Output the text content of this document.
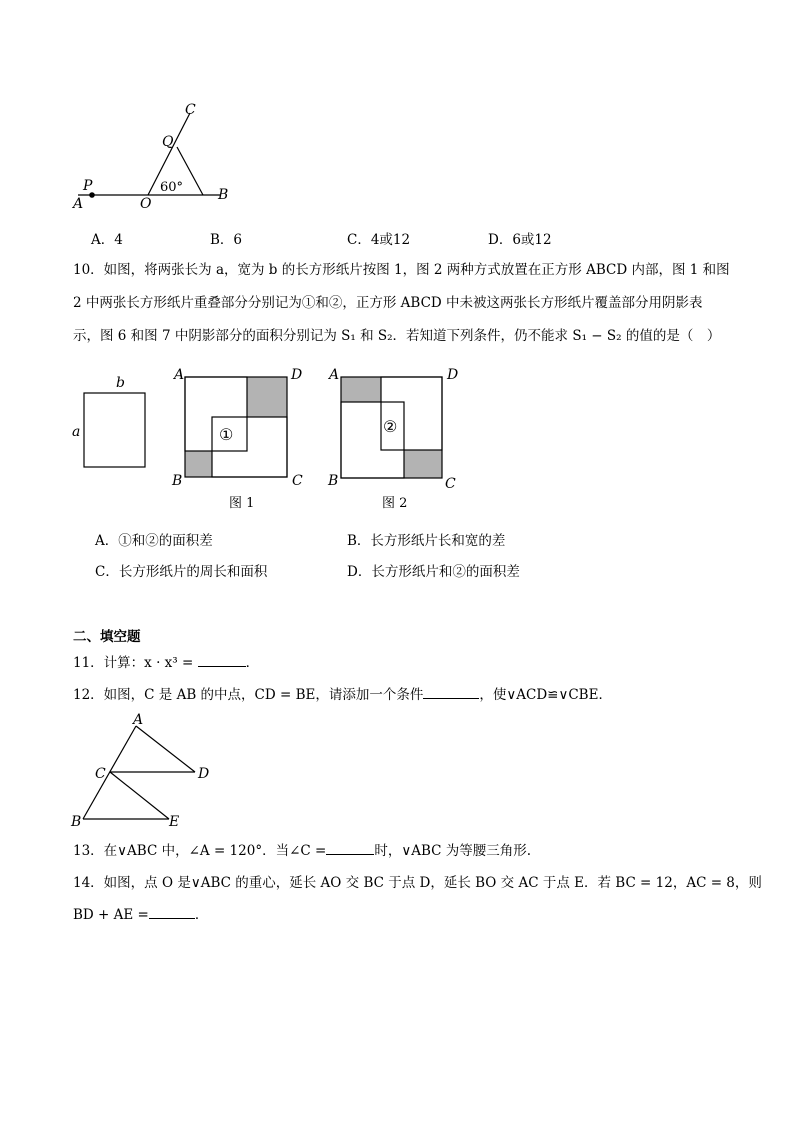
C
Q
P
A	O
B
60°
A．4	B．6	C．4或12	D．6或12
10．如图，将两张长为 a，宽为 b 的长方形纸片按图 1，图 2 两种方式放置在正方形 ABCD 内部，图 1 和图
2 中两张长方形纸片重叠部分分别记为①和②，正方形 ABCD 中未被这两张长方形纸片覆盖部分用阴影表
示，图 6 和图 7 中阴影部分的面积分别记为 S₁ 和 S₂．若知道下列条件，仍不能求 S₁ − S₂ 的值的是（　）
b
a	①
A	D
B	C
图 1
②
A	D
B	C
图 2
A．①和②的面积差	B．长方形纸片长和宽的差
C．长方形纸片的周长和面积	D．长方形纸片和②的面积差
二、填空题
11．计算：x · x³ =	．
12．如图，C 是 AB 的中点，CD = BE，请添加一个条件	，使∨ACD≌∨CBE．
A
C	D
B	E
13．在∨ABC 中，∠A = 120°．当∠C =	时，∨ABC 为等腰三角形.
14．如图，点 O 是∨ABC 的重心，延长 AO 交 BC 于点 D，延长 BO 交 AC 于点 E．若 BC = 12，AC = 8，则
BD + AE =	．
